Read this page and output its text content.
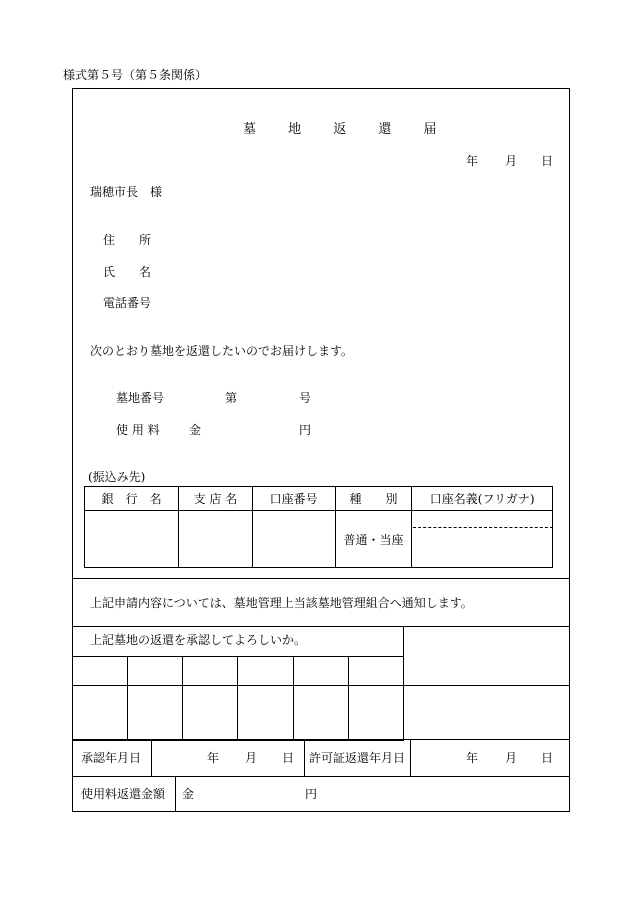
様式第５号（第５条関係）
墓 地 返 還 届
年 月 日
瑞穂市長　様
住　　所
氏　　名
電話番号
次のとおり墓地を返還したいのでお届けします。
墓地番号	第	号
使 用 料 金	円
(振込み先)
銀　行　名	支 店 名	口座番号	種　　別	口座名義(フリガナ)
			普通・当座	
上記申請内容については、墓地管理上当該墓地管理組合へ通知します。
上記墓地の返還を承認してよろしいか。

承認年月日	年 月 日 許可証返還年月日	年 月 日
使用料返還金額 金	円
